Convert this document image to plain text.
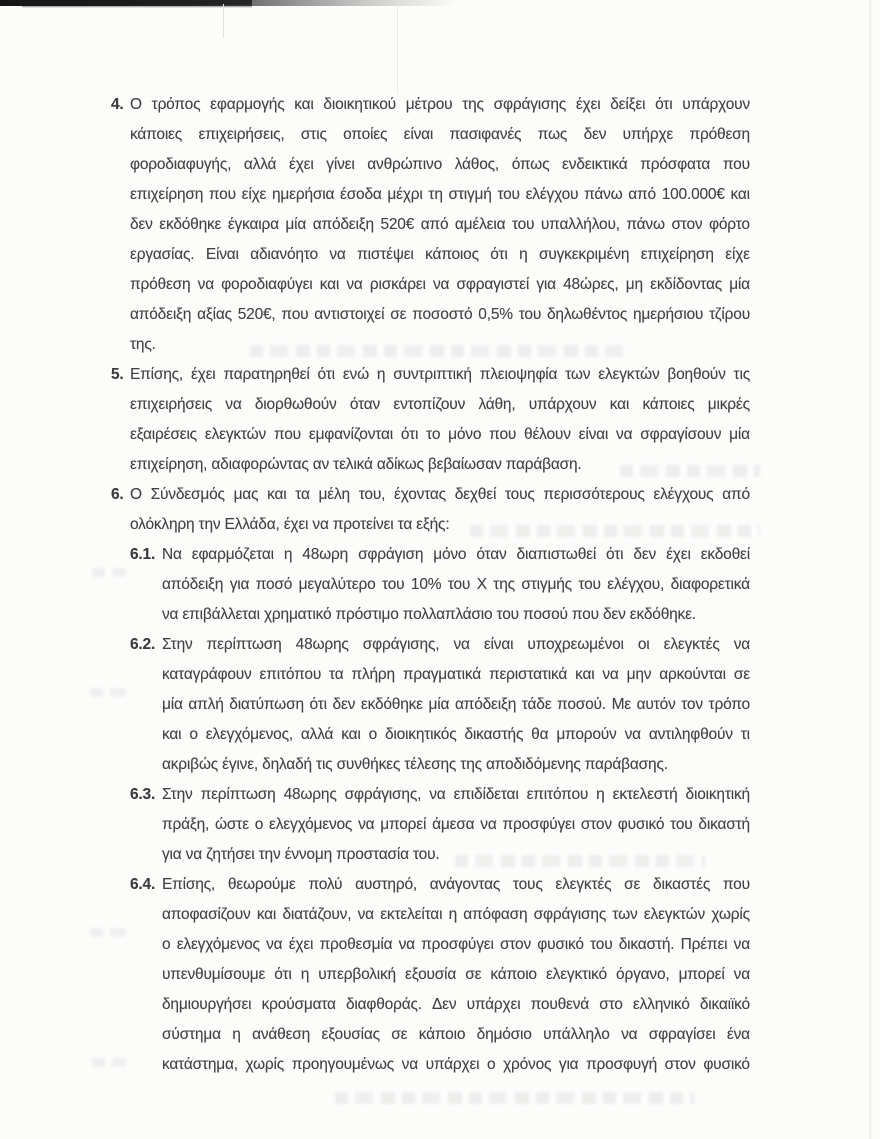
4. Ο τρόπος εφαρμογής και διοικητικού μέτρου της σφράγισης έχει δείξει ότι υπάρχουν
κάποιες επιχειρήσεις, στις οποίες είναι πασιφανές πως δεν υπήρχε πρόθεση
φοροδιαφυγής, αλλά έχει γίνει ανθρώπινο λάθος, όπως ενδεικτικά πρόσφατα που
επιχείρηση που είχε ημερήσια έσοδα μέχρι τη στιγμή του ελέγχου πάνω από 100.000€ και
δεν εκδόθηκε έγκαιρα μία απόδειξη 520€ από αμέλεια του υπαλλήλου, πάνω στον φόρτο
εργασίας. Είναι αδιανόητο να πιστέψει κάποιος ότι η συγκεκριμένη επιχείρηση είχε
πρόθεση να φοροδιαφύγει και να ρισκάρει να σφραγιστεί για 48ώρες, μη εκδίδοντας μία
απόδειξη αξίας 520€, που αντιστοιχεί σε ποσοστό 0,5% του δηλωθέντος ημερήσιου τζίρου
της.
5. Επίσης, έχει παρατηρηθεί ότι ενώ η συντριπτική πλειοψηφία των ελεγκτών βοηθούν τις
επιχειρήσεις να διορθωθούν όταν εντοπίζουν λάθη, υπάρχουν και κάποιες μικρές
εξαιρέσεις ελεγκτών που εμφανίζονται ότι το μόνο που θέλουν είναι να σφραγίσουν μία
επιχείρηση, αδιαφορώντας αν τελικά αδίκως βεβαίωσαν παράβαση.
6. Ο Σύνδεσμός μας και τα μέλη του, έχοντας δεχθεί τους περισσότερους ελέγχους από
ολόκληρη την Ελλάδα, έχει να προτείνει τα εξής:
6.1. Να εφαρμόζεται η 48ωρη σφράγιση μόνο όταν διαπιστωθεί ότι δεν έχει εκδοθεί
απόδειξη για ποσό μεγαλύτερο του 10% του Χ της στιγμής του ελέγχου, διαφορετικά
να επιβάλλεται χρηματικό πρόστιμο πολλαπλάσιο του ποσού που δεν εκδόθηκε.
6.2. Στην περίπτωση 48ωρης σφράγισης, να είναι υποχρεωμένοι οι ελεγκτές να
καταγράφουν επιτόπου τα πλήρη πραγματικά περιστατικά και να μην αρκούνται σε
μία απλή διατύπωση ότι δεν εκδόθηκε μία απόδειξη τάδε ποσού. Με αυτόν τον τρόπο
και ο ελεγχόμενος, αλλά και ο διοικητικός δικαστής θα μπορούν να αντιληφθούν τι
ακριβώς έγινε, δηλαδή τις συνθήκες τέλεσης της αποδιδόμενης παράβασης.
6.3. Στην περίπτωση 48ωρης σφράγισης, να επιδίδεται επιτόπου η εκτελεστή διοικητική
πράξη, ώστε ο ελεγχόμενος να μπορεί άμεσα να προσφύγει στον φυσικό του δικαστή
για να ζητήσει την έννομη προστασία του.
6.4. Επίσης, θεωρούμε πολύ αυστηρό, ανάγοντας τους ελεγκτές σε δικαστές που
αποφασίζουν και διατάζουν, να εκτελείται η απόφαση σφράγισης των ελεγκτών χωρίς
ο ελεγχόμενος να έχει προθεσμία να προσφύγει στον φυσικό του δικαστή. Πρέπει να
υπενθυμίσουμε ότι η υπερβολική εξουσία σε κάποιο ελεγκτικό όργανο, μπορεί να
δημιουργήσει κρούσματα διαφθοράς. Δεν υπάρχει πουθενά στο ελληνικό δικαιϊκό
σύστημα η ανάθεση εξουσίας σε κάποιο δημόσιο υπάλληλο να σφραγίσει ένα
κατάστημα, χωρίς προηγουμένως να υπάρχει ο χρόνος για προσφυγή στον φυσικό
